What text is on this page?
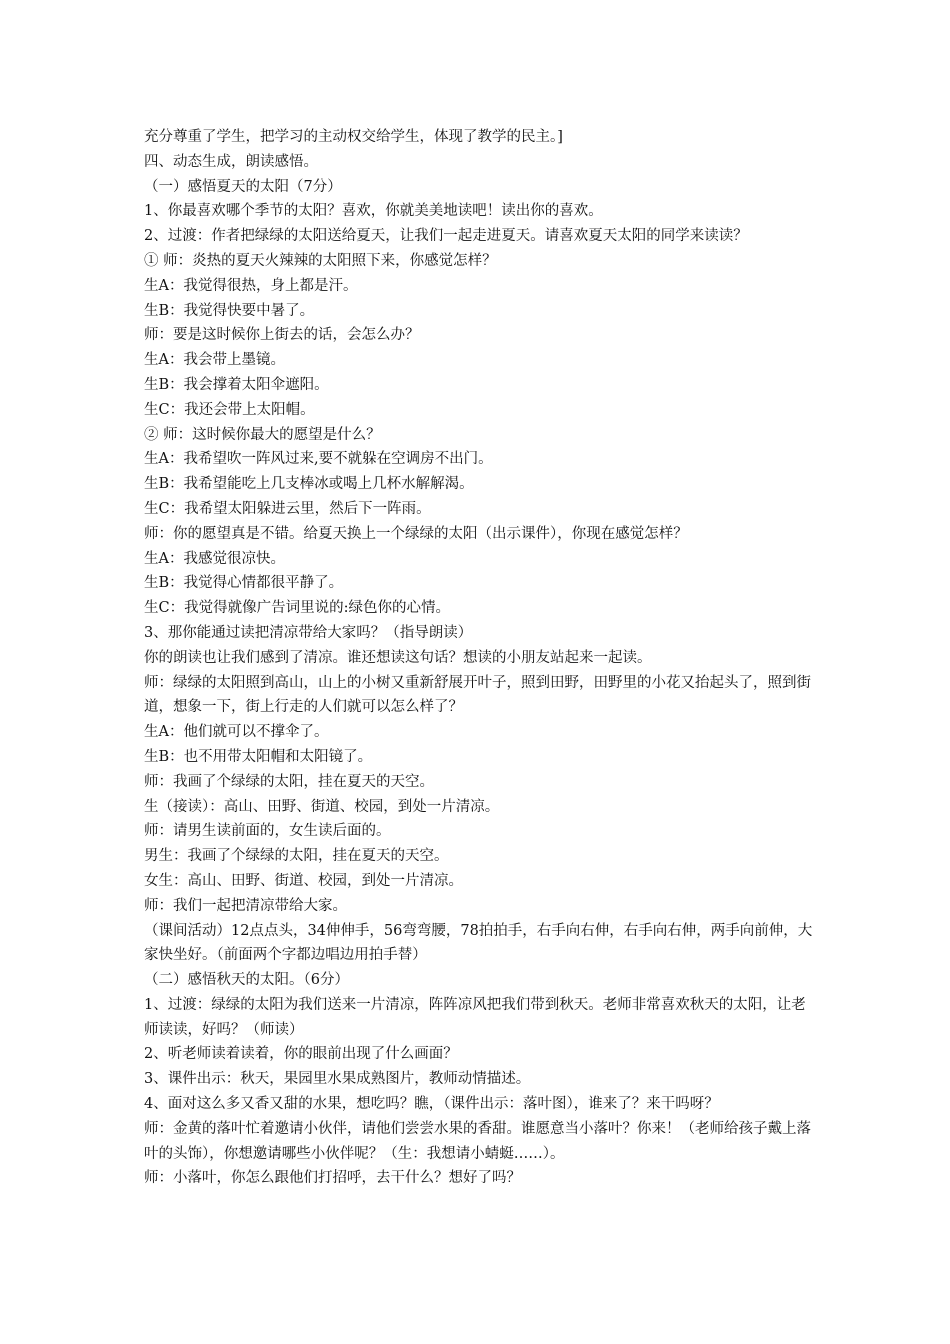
充分尊重了学生，把学习的主动权交给学生，体现了教学的民主。]

四、动态生成，朗读感悟。

（一）感悟夏天的太阳（7分）

1、你最喜欢哪个季节的太阳？喜欢，你就美美地读吧！读出你的喜欢。

2、过渡：作者把绿绿的太阳送给夏天，让我们一起走进夏天。请喜欢夏天太阳的同学来读读？

① 师：炎热的夏天火辣辣的太阳照下来，你感觉怎样？

生A：我觉得很热，身上都是汗。

生B：我觉得快要中暑了。

师：要是这时候你上街去的话，会怎么办？

生A：我会带上墨镜。

生B：我会撑着太阳伞遮阳。

生C：我还会带上太阳帽。

② 师：这时候你最大的愿望是什么？

生A：我希望吹一阵风过来,要不就躲在空调房不出门。

生B：我希望能吃上几支棒冰或喝上几杯水解解渴。

生C：我希望太阳躲进云里，然后下一阵雨。

师：你的愿望真是不错。给夏天换上一个绿绿的太阳（出示课件），你现在感觉怎样？

生A：我感觉很凉快。

生B：我觉得心情都很平静了。

生C：我觉得就像广告词里说的:绿色你的心情。

3、那你能通过读把清凉带给大家吗？（指导朗读）

你的朗读也让我们感到了清凉。谁还想读这句话？想读的小朋友站起来一起读。

师：绿绿的太阳照到高山，山上的小树又重新舒展开叶子，照到田野，田野里的小花又抬起头了，照到街道，想象一下，街上行走的人们就可以怎么样了？

生A：他们就可以不撑伞了。

生B：也不用带太阳帽和太阳镜了。

师：我画了个绿绿的太阳，挂在夏天的天空。

生（接读）：高山、田野、街道、校园，到处一片清凉。

师：请男生读前面的，女生读后面的。

男生：我画了个绿绿的太阳，挂在夏天的天空。

女生：高山、田野、街道、校园，到处一片清凉。

师：我们一起把清凉带给大家。

（课间活动）12点点头，34伸伸手，56弯弯腰，78拍拍手，右手向右伸，右手向右伸，两手向前伸，大家快坐好。（前面两个字都边唱边用拍手替）

（二）感悟秋天的太阳。（6分）

1、过渡：绿绿的太阳为我们送来一片清凉，阵阵凉风把我们带到秋天。老师非常喜欢秋天的太阳，让老师读读，好吗？（师读）

2、听老师读着读着，你的眼前出现了什么画面？

3、课件出示：秋天，果园里水果成熟图片，教师动情描述。

4、面对这么多又香又甜的水果，想吃吗？瞧，（课件出示：落叶图），谁来了？来干吗呀？

师：金黄的落叶忙着邀请小伙伴，请他们尝尝水果的香甜。谁愿意当小落叶？你来！（老师给孩子戴上落叶的头饰），你想邀请哪些小伙伴呢？（生：我想请小蜻蜓……）。

师：小落叶，你怎么跟他们打招呼，去干什么？想好了吗？
